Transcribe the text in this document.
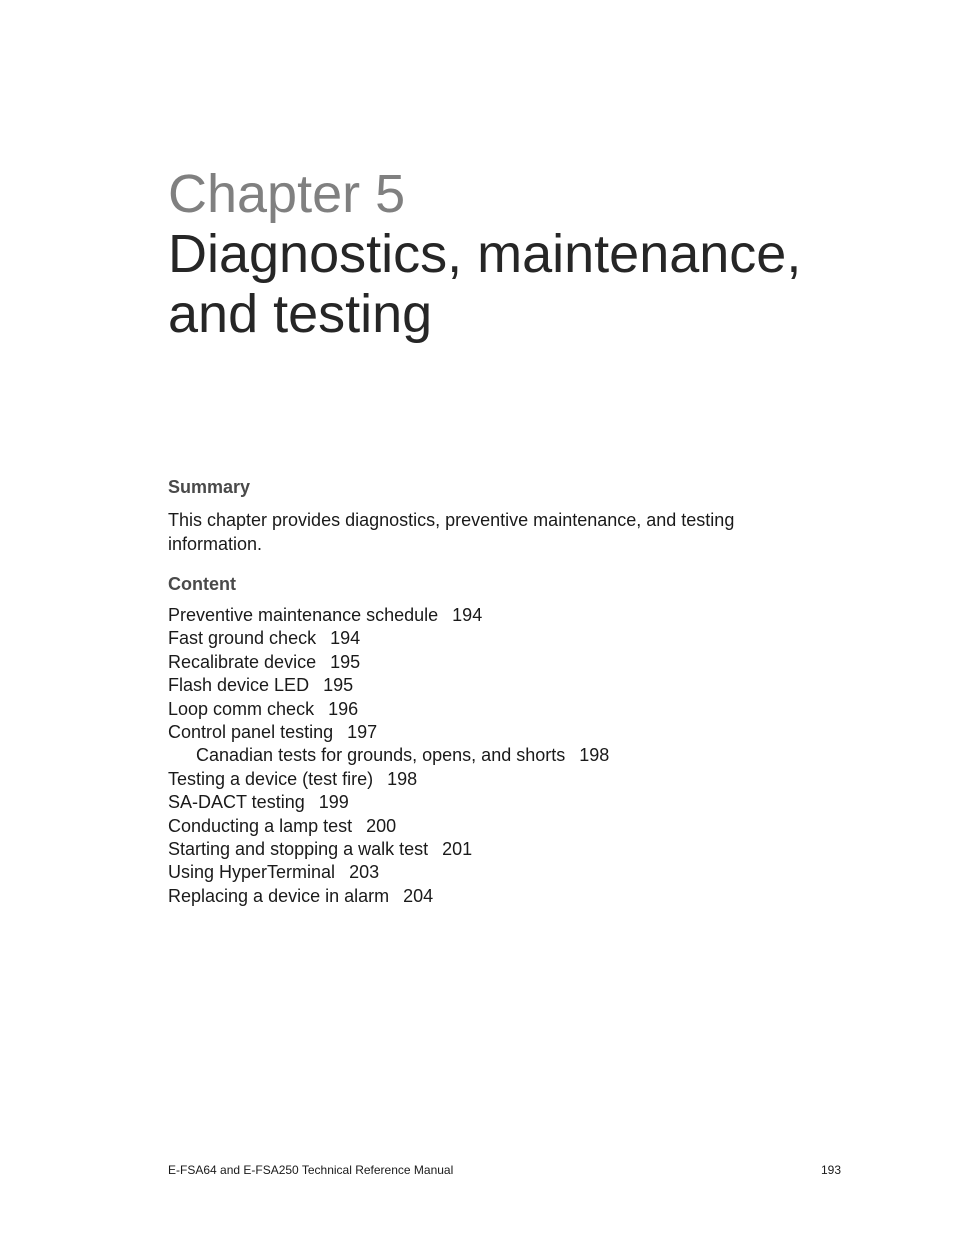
Chapter 5
Diagnostics, maintenance,
and testing
Summary
This chapter provides diagnostics, preventive maintenance, and testing information.
Content
Preventive maintenance schedule 194
Fast ground check 194
Recalibrate device 195
Flash device LED 195
Loop comm check 196
Control panel testing 197
Canadian tests for grounds, opens, and shorts 198
Testing a device (test fire) 198
SA-DACT testing 199
Conducting a lamp test 200
Starting and stopping a walk test 201
Using HyperTerminal 203
Replacing a device in alarm 204
E-FSA64 and E-FSA250 Technical Reference Manual	193
